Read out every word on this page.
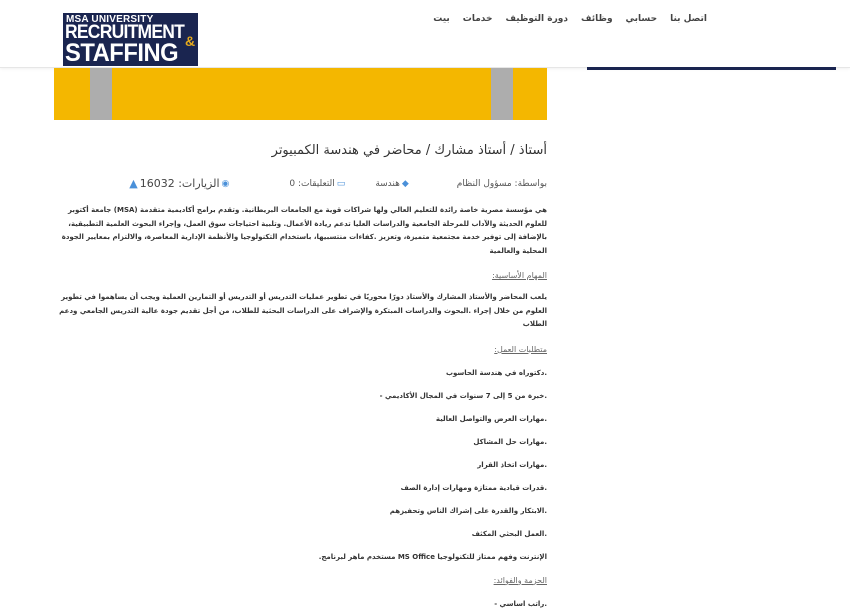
MSA UNIVERSITY
RECRUITMENT
STAFFING &
اتصل بنا
حسابي
وظائف
دورة التوظيف
خدمات
بيت
أستاذ / أستاذ مشارك / محاضر في هندسة الكمبيوتر
بواسطة: مسؤول النظام
◆
هندسة
▭
التعليقات: 0
◉
الزيارات: 16032
▲

هي مؤسسة مصرية خاصة رائدة للتعليم العالي ولها شراكات قوية مع الجامعات البريطانية. وتقدم برامج أكاديمية متقدمة (MSA) جامعة أكتوبر للعلوم الحديثة والآداب للمرحلة الجامعية والدراسات العليا تدعم ريادة الأعمال. وتلبية احتياجات سوق العمل، وإجراء البحوث العلمية التطبيقية، بالإضافة إلى توفير خدمة مجتمعية متميزة، وتعزيز .كفاءات منتسبيها، باستخدام التكنولوجيا والأنظمة الإدارية المعاصرة، والالتزام بمعايير الجودة المحلية والعالمية

المهام الأساسية:

يلعب المحاضر والأستاذ المشارك والأستاذ دورًا محوريًا في تطوير عمليات التدريس أو التدريس أو التمارين العملية ويجب أن يساهموا في تطوير العلوم من خلال إجراء .البحوث والدراسات المبتكرة والإشراف على الدراسات البحثية للطلاب، من أجل تقديم جودة عالية التدريس الجامعي ودعم الطلاب

متطلبات العمل:
.دكتوراه في هندسة الحاسوب
.خبرة من 5 إلى 7 سنوات في المجال الأكاديمي -
.مهارات العرض والتواصل العالية
.مهارات حل المشاكل
.مهارات اتخاذ القرار
.قدرات قيادية ممتازة ومهارات إدارة الصف
.الابتكار والقدرة على إشراك الناس وتحفيزهم
.العمل البحثي المكثف
الإنترنت وفهم ممتاز للتكنولوجيا MS Office مستخدم ماهر لبرنامج.
الحزمة والفوائد:
.راتب اساسي -
